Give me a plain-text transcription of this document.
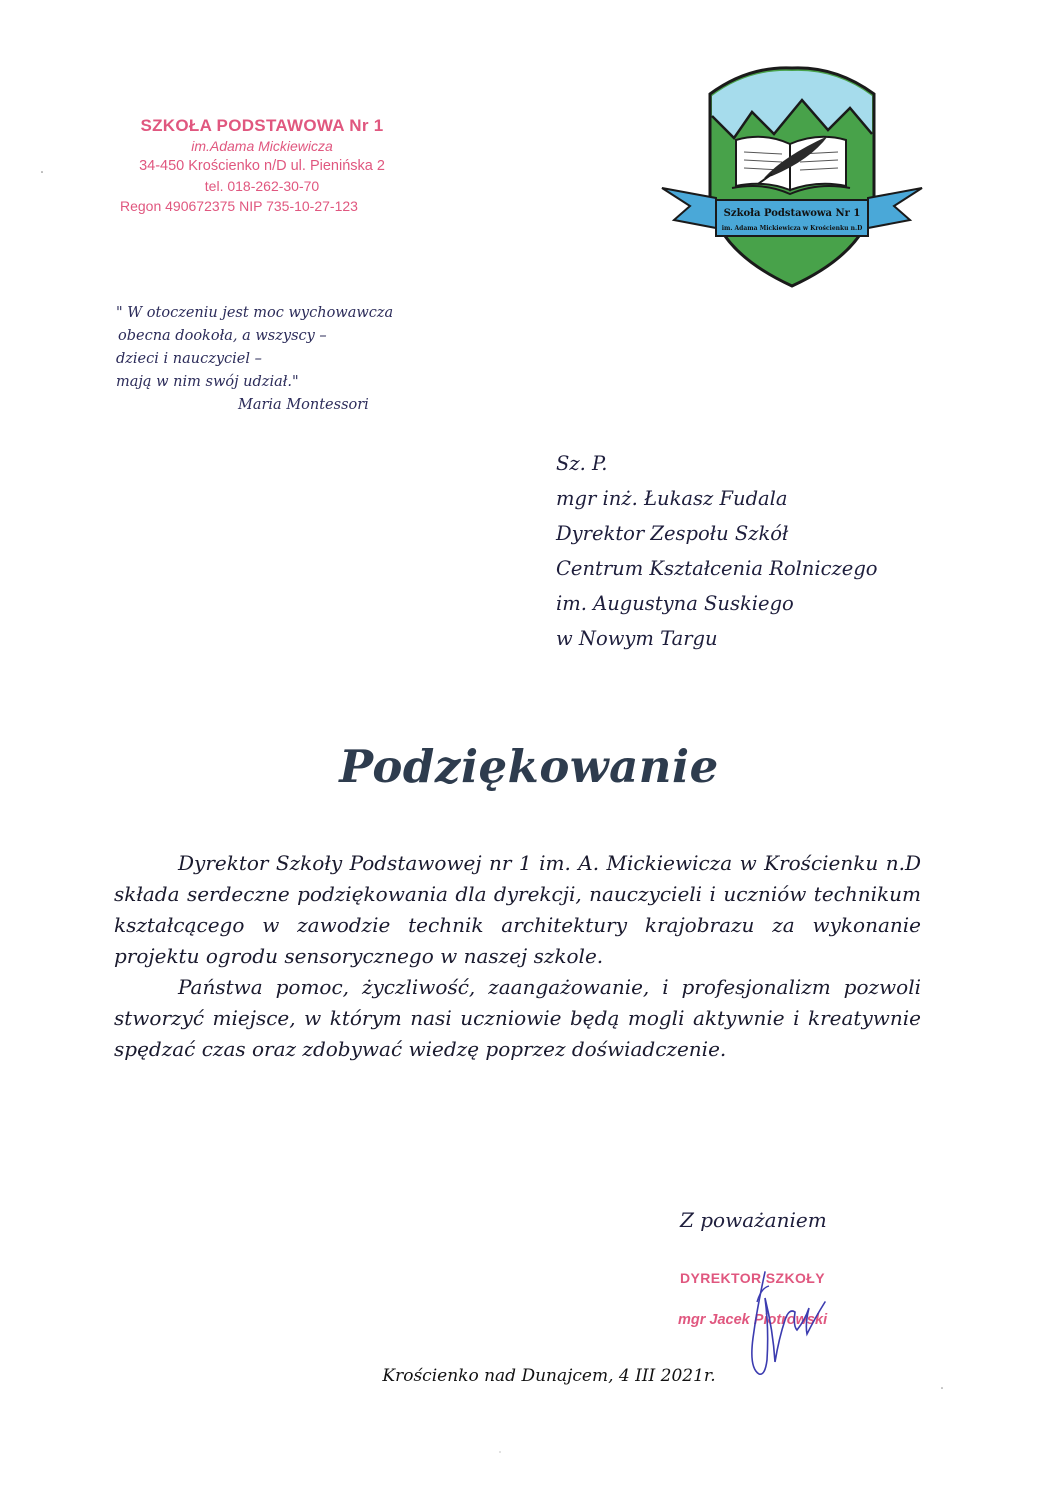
SZKOŁA PODSTAWOWA Nr 1
im.Adama Mickiewicza
34-450 Krościenko n/D ul. Pienińska 2
tel. 018-262-30-70
Regon 490672375 NIP 735-10-27-123	Szkoła Podstawowa Nr 1
im. Adama Mickiewicza w Krościenku n.D
" W otoczeniu jest moc wychowawcza
obecna dookoła, a wszyscy –
dzieci i nauczyciel –
mają w nim swój udział."
Maria Montessori
Sz. P.
mgr inż. Łukasz Fudala
Dyrektor Zespołu Szkół
Centrum Kształcenia Rolniczego
im. Augustyna Suskiego
w Nowym Targu
Podziękowanie
Dyrektor Szkoły Podstawowej nr 1 im. A. Mickiewicza w Krościenku n.D składa serdeczne podziękowania dla dyrekcji, nauczycieli i uczniów technikum kształcącego w zawodzie technik architektury krajobrazu za wykonanie projektu ogrodu sensorycznego w naszej szkole.
Państwa pomoc, życzliwość, zaangażowanie, i profesjonalizm pozwoli stworzyć miejsce, w którym nasi uczniowie będą mogli aktywnie i kreatywnie spędzać czas oraz zdobywać wiedzę poprzez doświadczenie.
Z poważaniem
DYREKTOR SZKOŁY
mgr Jacek Piotrowski
Krościenko nad Dunajcem, 4 III 2021r.
